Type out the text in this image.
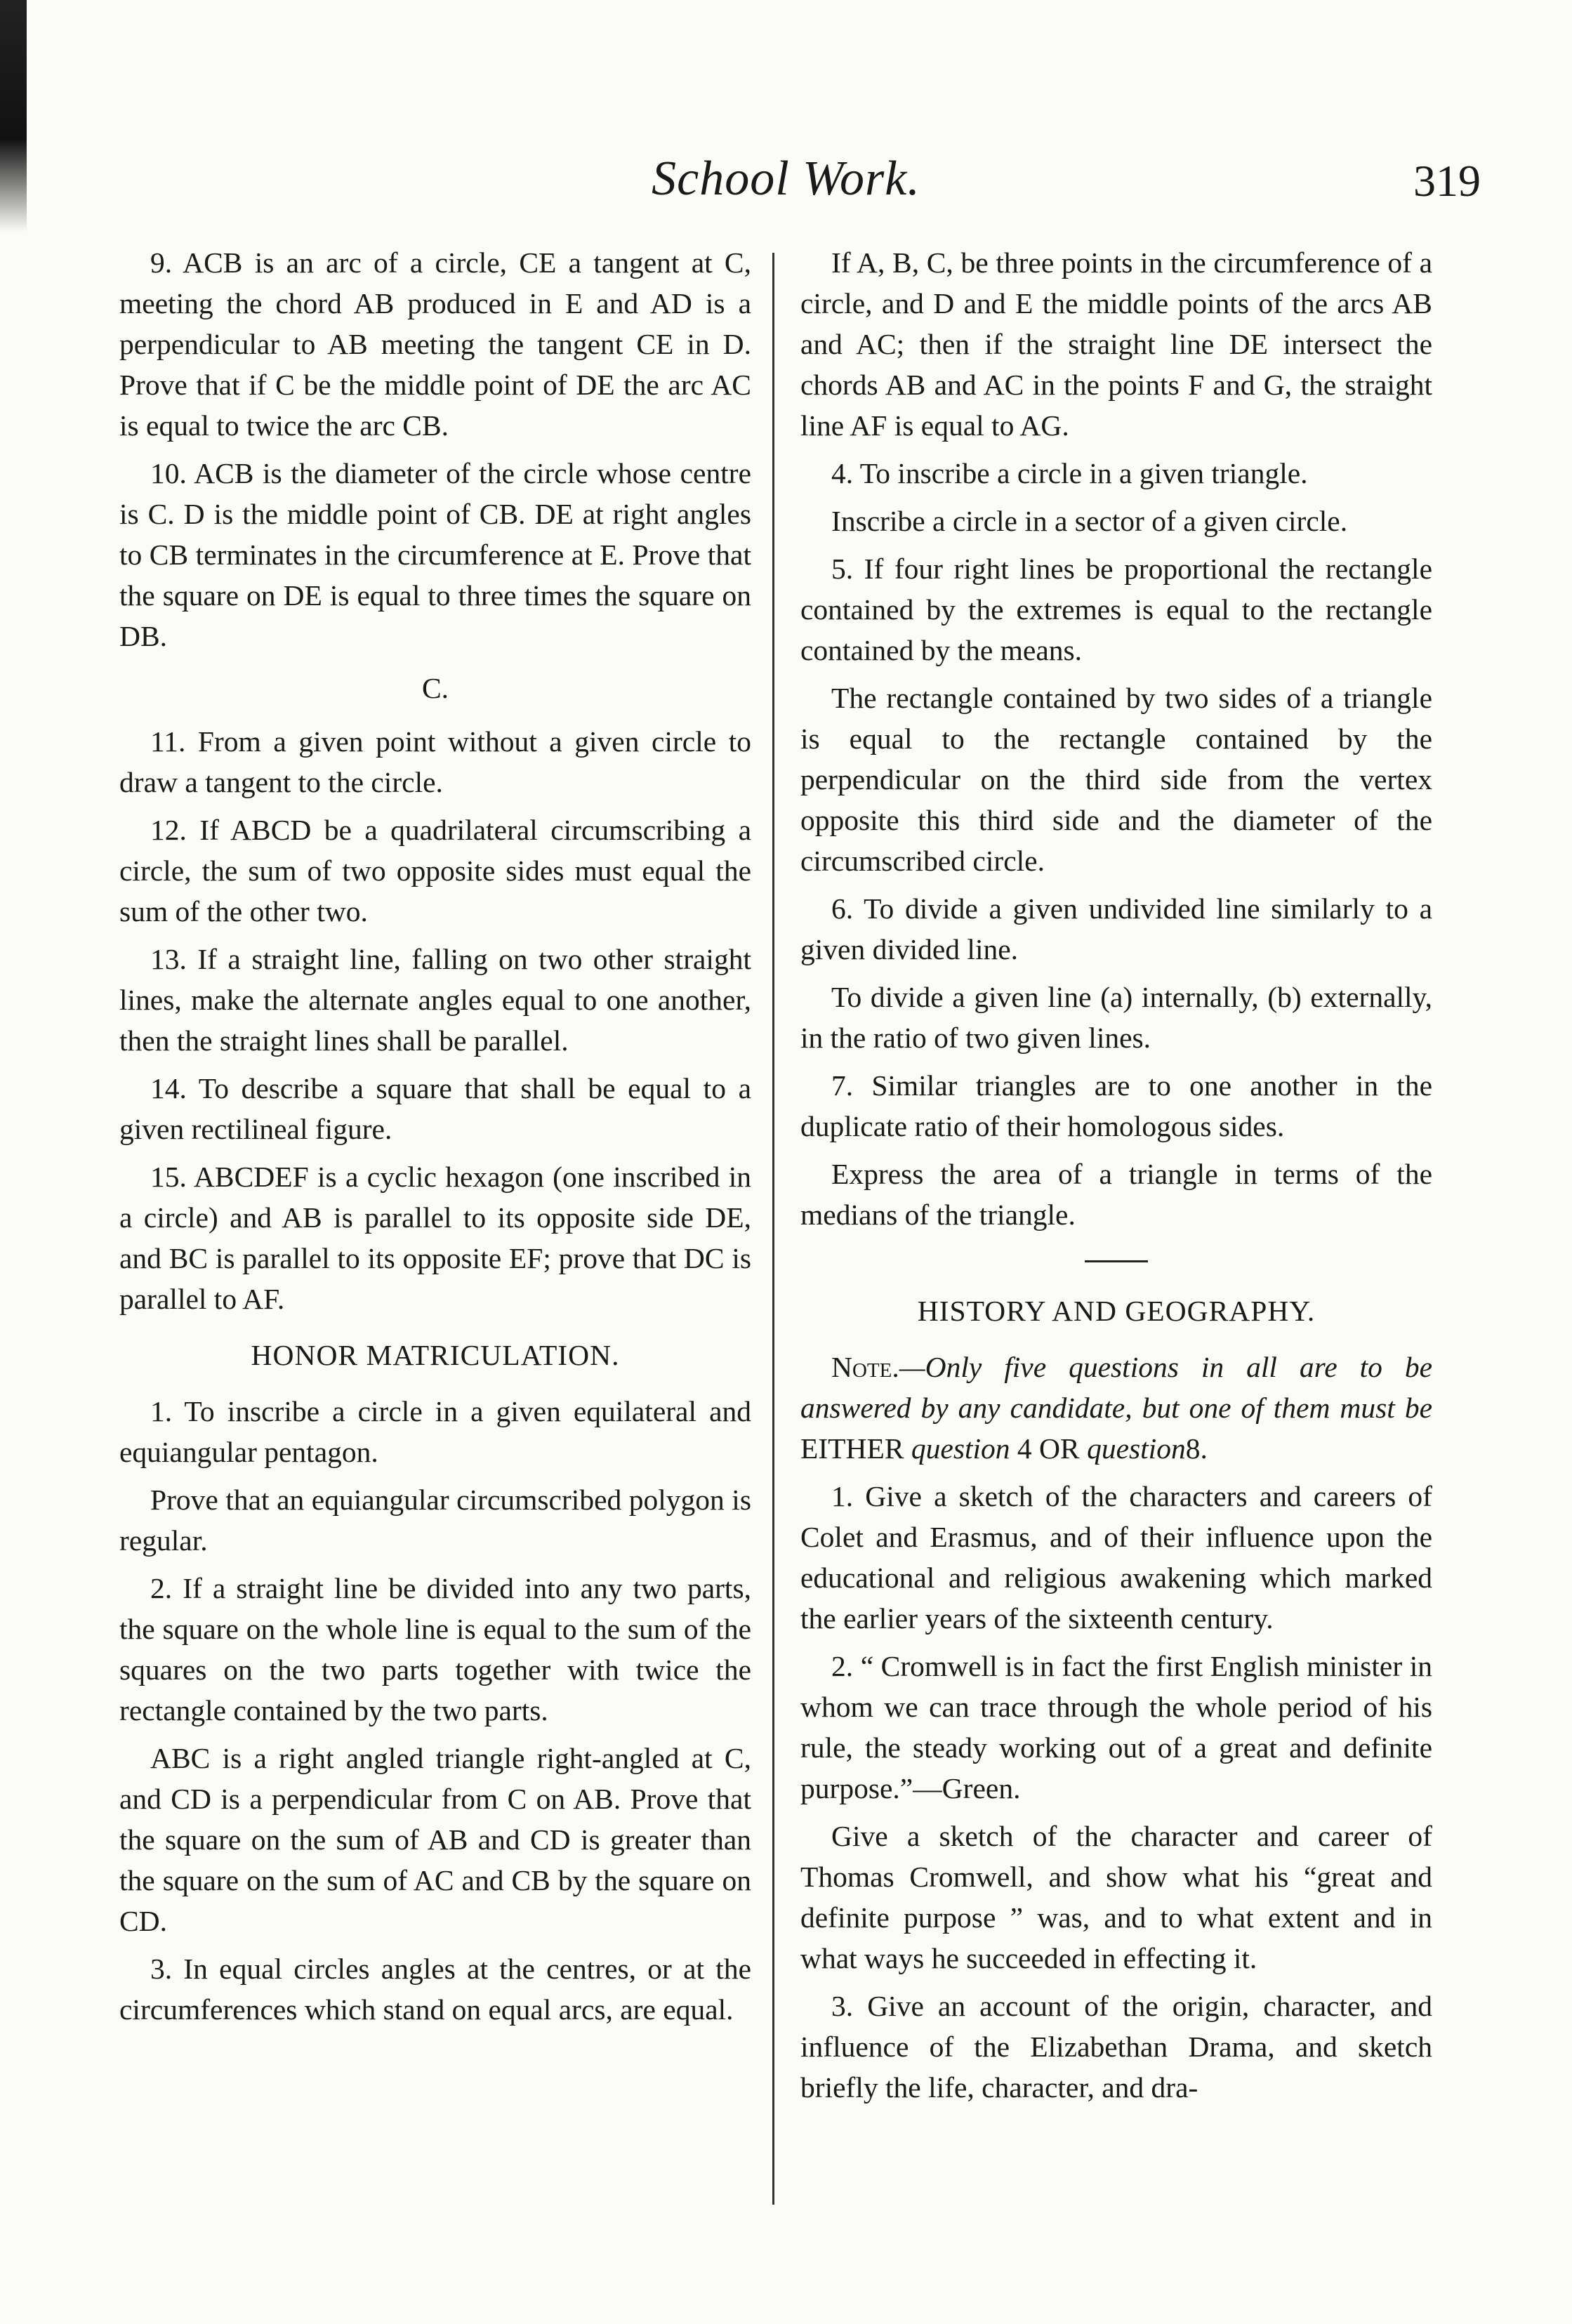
School Work.	319

9. ACB is an arc of a circle, CE a tangent at C, meeting the chord AB produced in E and AD is a perpendicular to AB meeting the tangent CE in D. Prove that if C be the middle point of DE the arc AC is equal to twice the arc CB.

10. ACB is the diameter of the circle whose centre is C. D is the middle point of CB. DE at right angles to CB terminates in the circumference at E. Prove that the square on DE is equal to three times the square on DB.

C.

11. From a given point without a given circle to draw a tangent to the circle.

12. If ABCD be a quadrilateral circumscribing a circle, the sum of two opposite sides must equal the sum of the other two.

13. If a straight line, falling on two other straight lines, make the alternate angles equal to one another, then the straight lines shall be parallel.

14. To describe a square that shall be equal to a given rectilineal figure.

15. ABCDEF is a cyclic hexagon (one inscribed in a circle) and AB is parallel to its opposite side DE, and BC is parallel to its opposite EF; prove that DC is parallel to AF.

HONOR MATRICULATION.

1. To inscribe a circle in a given equilateral and equiangular pentagon.

Prove that an equiangular circumscribed polygon is regular.

2. If a straight line be divided into any two parts, the square on the whole line is equal to the sum of the squares on the two parts together with twice the rectangle contained by the two parts.

ABC is a right angled triangle right-angled at C, and CD is a perpendicular from C on AB. Prove that the square on the sum of AB and CD is greater than the square on the sum of AC and CB by the square on CD.

3. In equal circles angles at the centres, or at the circumferences which stand on equal arcs, are equal.

If A, B, C, be three points in the circumference of a circle, and D and E the middle points of the arcs AB and AC; then if the straight line DE intersect the chords AB and AC in the points F and G, the straight line AF is equal to AG.

4. To inscribe a circle in a given triangle.

Inscribe a circle in a sector of a given circle.

5. If four right lines be proportional the rectangle contained by the extremes is equal to the rectangle contained by the means.

The rectangle contained by two sides of a triangle is equal to the rectangle contained by the perpendicular on the third side from the vertex opposite this third side and the diameter of the circumscribed circle.

6. To divide a given undivided line similarly to a given divided line.

To divide a given line (a) internally, (b) externally, in the ratio of two given lines.

7. Similar triangles are to one another in the duplicate ratio of their homologous sides.

Express the area of a triangle in terms of the medians of the triangle.

HISTORY AND GEOGRAPHY.

Note.—Only five questions in all are to be answered by any candidate, but one of them must be EITHER question 4 OR question8.

1. Give a sketch of the characters and careers of Colet and Erasmus, and of their influence upon the educational and religious awakening which marked the earlier years of the sixteenth century.

2. “ Cromwell is in fact the first English minister in whom we can trace through the whole period of his rule, the steady working out of a great and definite purpose.”—Green.

Give a sketch of the character and career of Thomas Cromwell, and show what his “great and definite purpose ” was, and to what extent and in what ways he succeeded in effecting it.

3. Give an account of the origin, character, and influence of the Elizabethan Drama, and sketch briefly the life, character, and dra-
